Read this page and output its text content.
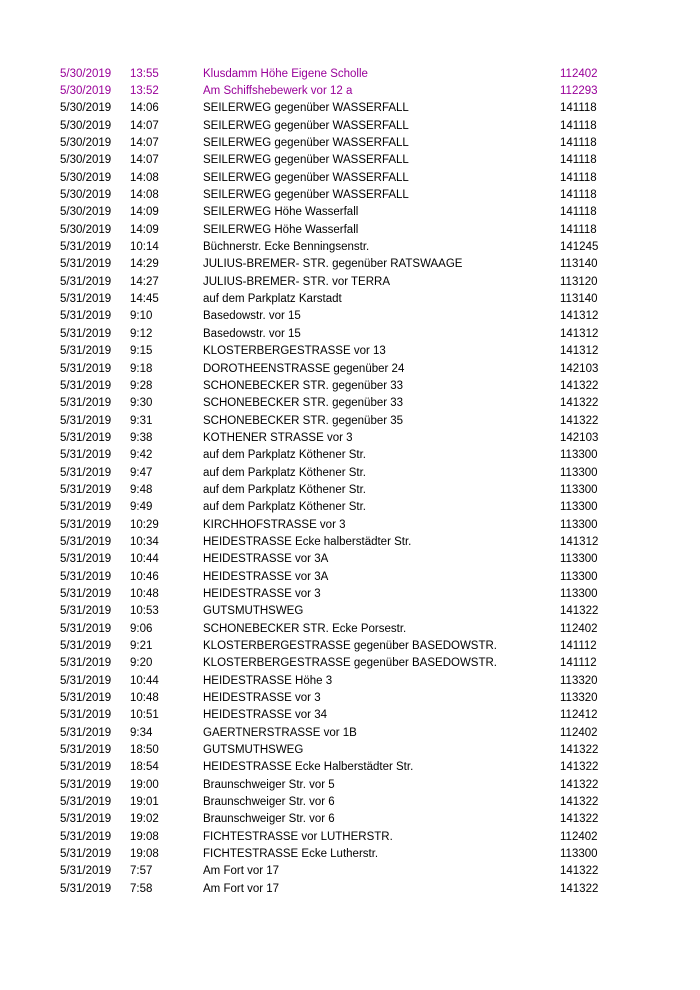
5/30/2019	13:55	Klusdamm Höhe Eigene Scholle	112402
5/30/2019	13:52	Am Schiffshebewerk vor 12 a	112293
5/30/2019	14:06	SEILERWEG gegenüber WASSERFALL	141118
5/30/2019	14:07	SEILERWEG gegenüber WASSERFALL	141118
5/30/2019	14:07	SEILERWEG gegenüber WASSERFALL	141118
5/30/2019	14:07	SEILERWEG gegenüber WASSERFALL	141118
5/30/2019	14:08	SEILERWEG gegenüber WASSERFALL	141118
5/30/2019	14:08	SEILERWEG gegenüber WASSERFALL	141118
5/30/2019	14:09	SEILERWEG Höhe Wasserfall	141118
5/30/2019	14:09	SEILERWEG Höhe Wasserfall	141118
5/31/2019	10:14	Büchnerstr. Ecke Benningsenstr.	141245
5/31/2019	14:29	JULIUS-BREMER- STR. gegenüber RATSWAAGE	113140
5/31/2019	14:27	JULIUS-BREMER- STR. vor TERRA	113120
5/31/2019	14:45	auf dem Parkplatz Karstadt	113140
5/31/2019	9:10	Basedowstr. vor 15	141312
5/31/2019	9:12	Basedowstr. vor 15	141312
5/31/2019	9:15	KLOSTERBERGESTRASSE vor 13	141312
5/31/2019	9:18	DOROTHEENSTRASSE gegenüber 24	142103
5/31/2019	9:28	SCHÖNEBECKER STR. gegenüber 33	141322
5/31/2019	9:30	SCHÖNEBECKER STR. gegenüber 33	141322
5/31/2019	9:31	SCHÖNEBECKER STR. gegenüber 35	141322
5/31/2019	9:38	KÖTHENER STRASSE vor 3	142103
5/31/2019	9:42	auf dem Parkplatz Köthener Str.	113300
5/31/2019	9:47	auf dem Parkplatz Köthener Str.	113300
5/31/2019	9:48	auf dem Parkplatz Köthener Str.	113300
5/31/2019	9:49	auf dem Parkplatz Köthener Str.	113300
5/31/2019	10:29	KIRCHHOFSTRASSE vor 3	113300
5/31/2019	10:34	HEIDESTRASSE Ecke halberstädter Str.	141312
5/31/2019	10:44	HEIDESTRASSE vor 3A	113300
5/31/2019	10:46	HEIDESTRASSE vor 3A	113300
5/31/2019	10:48	HEIDESTRASSE vor 3	113300
5/31/2019	10:53	GUTSMUTHSWEG	141322
5/31/2019	9:06	SCHÖNEBECKER STR. Ecke Porsestr.	112402
5/31/2019	9:21	KLOSTERBERGESTRASSE gegenüber BASEDOWSTR.	141112
5/31/2019	9:20	KLOSTERBERGESTRASSE gegenüber BASEDOWSTR.	141112
5/31/2019	10:44	HEIDESTRASSE Höhe 3	113320
5/31/2019	10:48	HEIDESTRASSE vor 3	113320
5/31/2019	10:51	HEIDESTRASSE vor 34	112412
5/31/2019	9:34	GAERTNERSTRASSE vor 1B	112402
5/31/2019	18:50	GUTSMUTHSWEG	141322
5/31/2019	18:54	HEIDESTRASSE Ecke Halberstädter Str.	141322
5/31/2019	19:00	Braunschweiger Str. vor 5	141322
5/31/2019	19:01	Braunschweiger Str. vor 6	141322
5/31/2019	19:02	Braunschweiger Str. vor 6	141322
5/31/2019	19:08	FICHTESTRASSE vor LUTHERSTR.	112402
5/31/2019	19:08	FICHTESTRASSE Ecke Lutherstr.	113300
5/31/2019	7:57	Am Fort vor 17	141322
5/31/2019	7:58	Am Fort vor 17	141322
